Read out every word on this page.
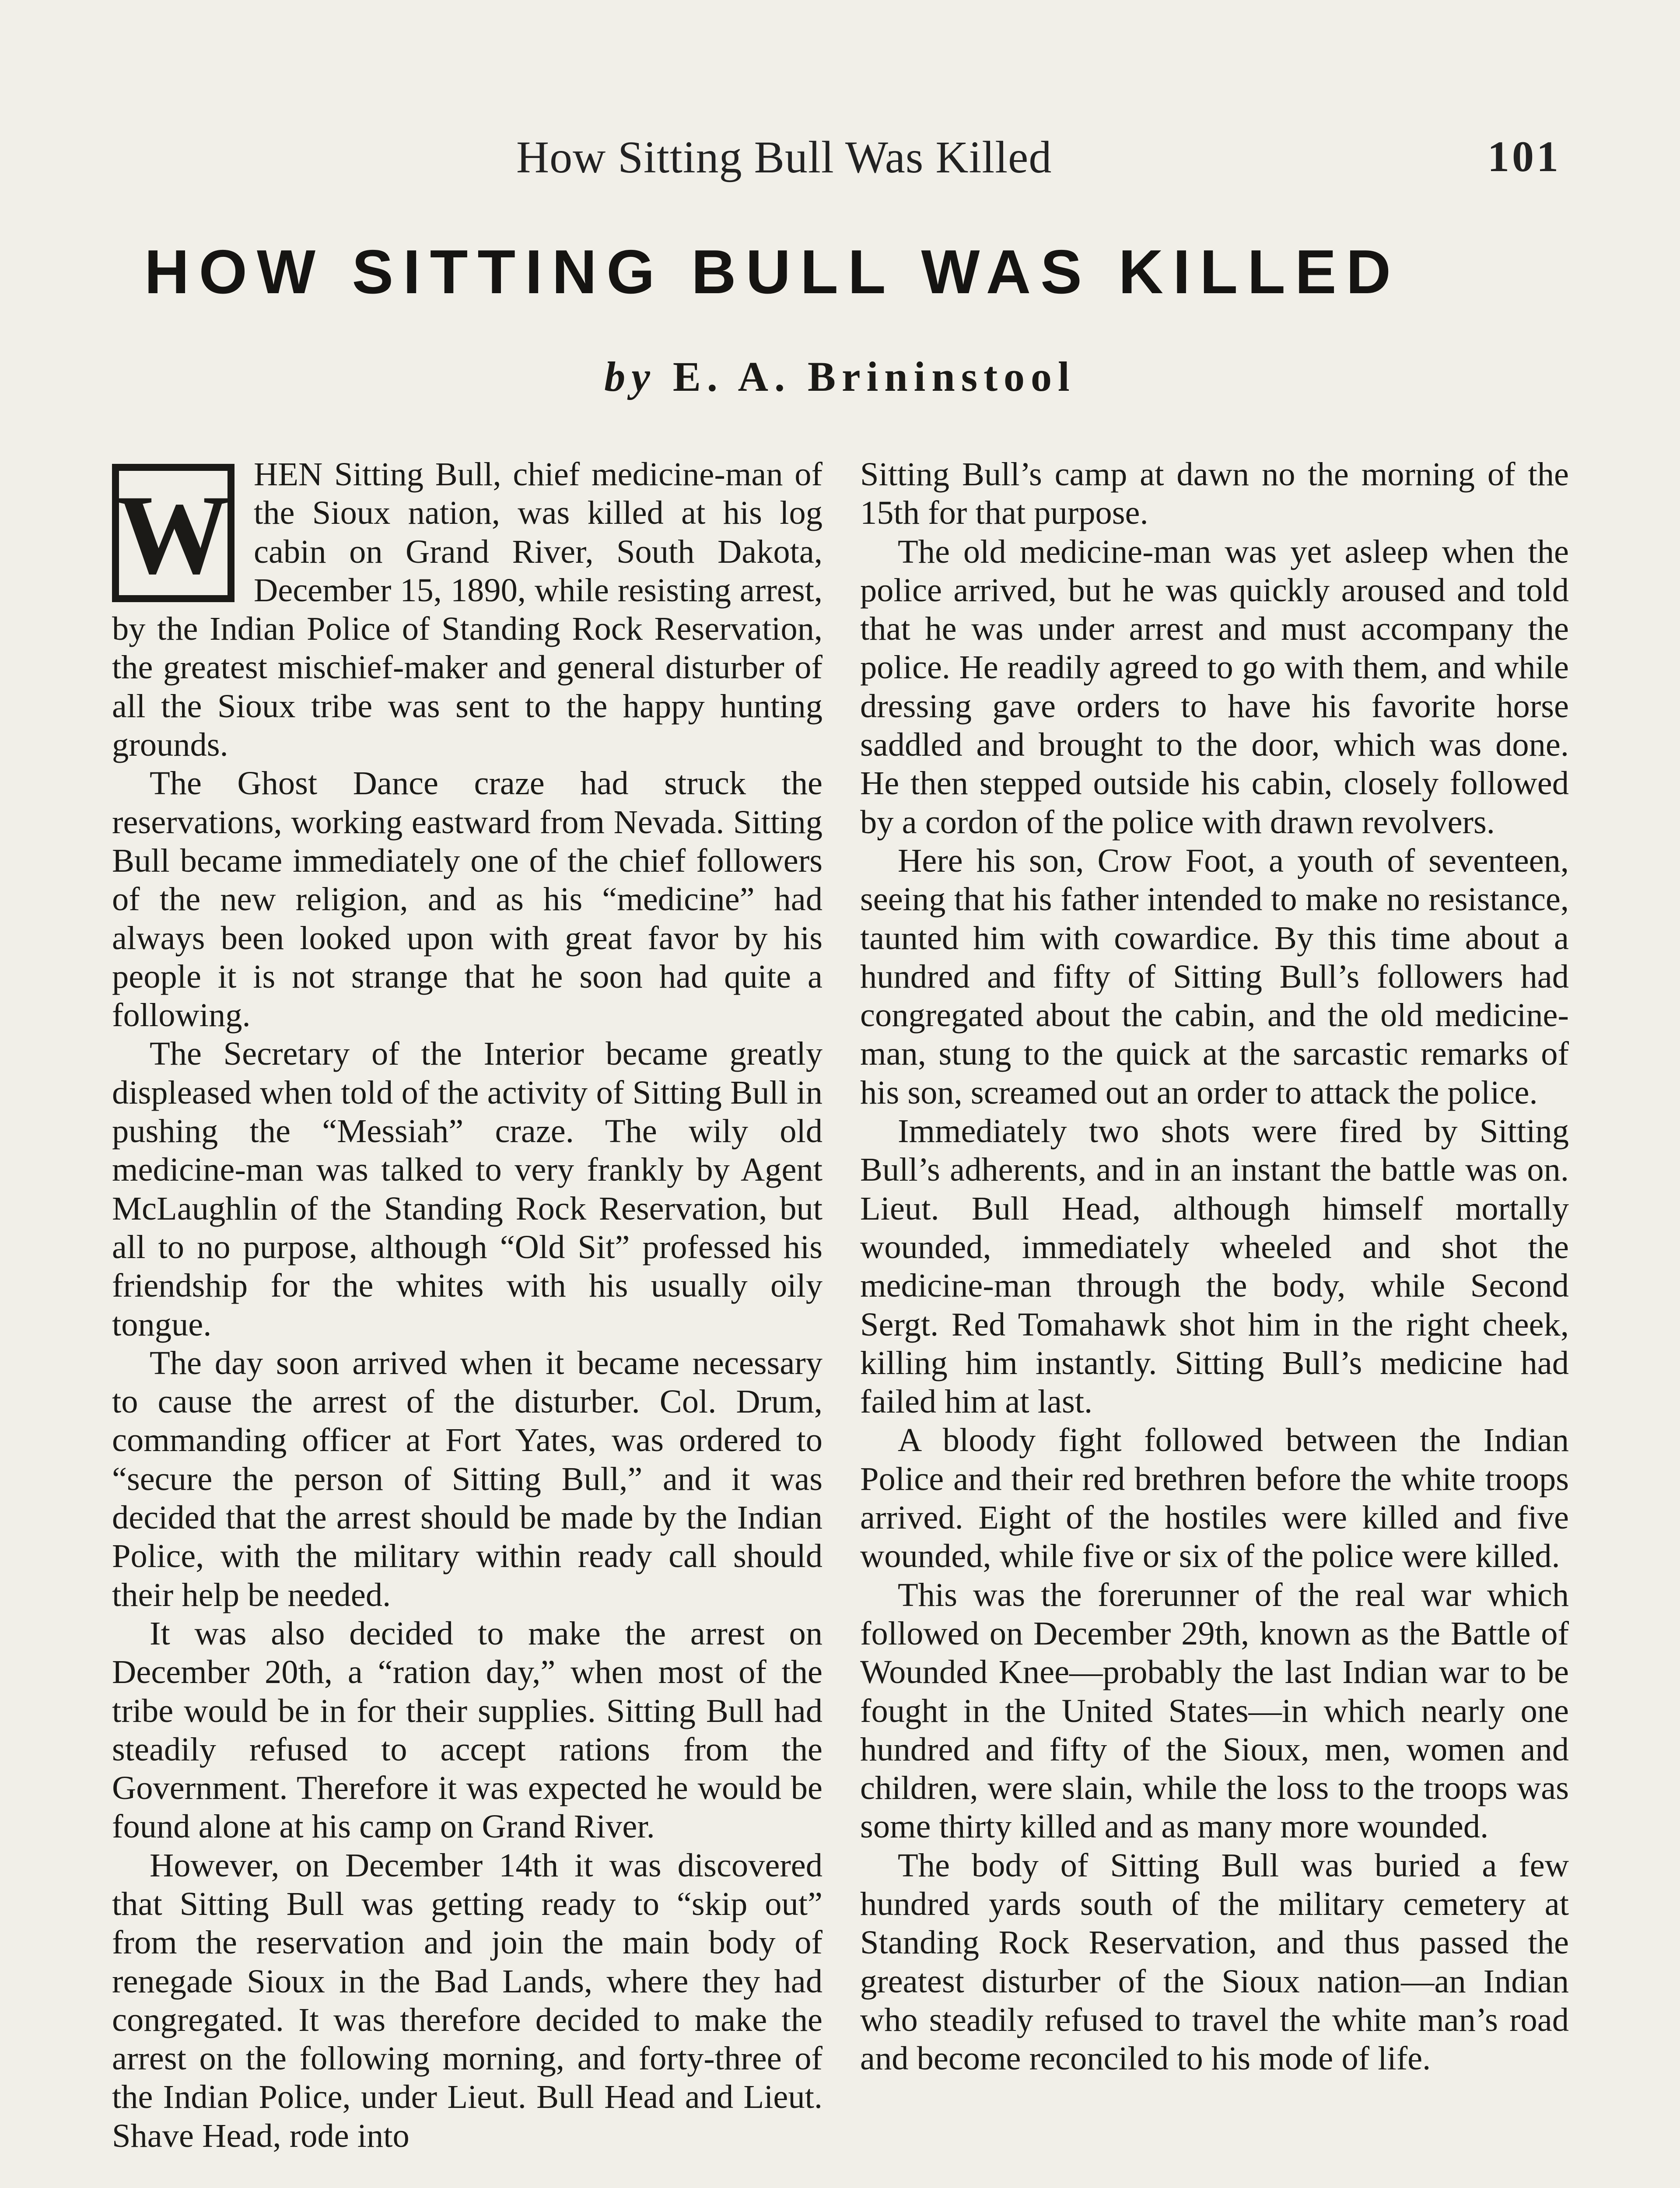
How Sitting Bull Was Killed	101
HOW SITTING BULL WAS KILLED
by E. A. Brininstool
W HEN Sitting Bull, chief medicine-man of the Sioux nation, was killed at his log cabin on Grand River, South Dakota, December 15, 1890, while resisting arrest, by the Indian Police of Standing Rock Reservation, the greatest mischief-maker and general disturber of all the Sioux tribe was sent to the happy hunting grounds.

The Ghost Dance craze had struck the reservations, working eastward from Nevada. Sitting Bull became immediately one of the chief followers of the new religion, and as his “medicine” had always been looked upon with great favor by his people it is not strange that he soon had quite a following.

The Secretary of the Interior became greatly displeased when told of the activity of Sitting Bull in pushing the “Messiah” craze. The wily old medicine-man was talked to very frankly by Agent McLaughlin of the Standing Rock Reservation, but all to no purpose, although “Old Sit” professed his friendship for the whites with his usually oily tongue.

The day soon arrived when it became necessary to cause the arrest of the disturber. Col. Drum, commanding officer at Fort Yates, was ordered to “secure the person of Sitting Bull,” and it was decided that the arrest should be made by the Indian Police, with the military within ready call should their help be needed.

It was also decided to make the arrest on December 20th, a “ration day,” when most of the tribe would be in for their supplies. Sitting Bull had steadily refused to accept rations from the Government. Therefore it was expected he would be found alone at his camp on Grand River.

However, on December 14th it was discovered that Sitting Bull was getting ready to “skip out” from the reservation and join the main body of renegade Sioux in the Bad Lands, where they had congregated. It was therefore decided to make the arrest on the following morning, and forty-three of the Indian Police, under Lieut. Bull Head and Lieut. Shave Head, rode into

Sitting Bull’s camp at dawn no the morning of the 15th for that purpose.

The old medicine-man was yet asleep when the police arrived, but he was quickly aroused and told that he was under arrest and must accompany the police. He readily agreed to go with them, and while dressing gave orders to have his favorite horse saddled and brought to the door, which was done. He then stepped outside his cabin, closely followed by a cordon of the police with drawn revolvers.

Here his son, Crow Foot, a youth of seventeen, seeing that his father intended to make no resistance, taunted him with cowardice. By this time about a hundred and fifty of Sitting Bull’s followers had congregated about the cabin, and the old medicine-man, stung to the quick at the sarcastic remarks of his son, screamed out an order to attack the police.

Immediately two shots were fired by Sitting Bull’s adherents, and in an instant the battle was on. Lieut. Bull Head, although himself mortally wounded, immediately wheeled and shot the medicine-man through the body, while Second Sergt. Red Tomahawk shot him in the right cheek, killing him instantly. Sitting Bull’s medicine had failed him at last.

A bloody fight followed between the Indian Police and their red brethren before the white troops arrived. Eight of the hostiles were killed and five wounded, while five or six of the police were killed.

This was the forerunner of the real war which followed on December 29th, known as the Battle of Wounded Knee—probably the last Indian war to be fought in the United States—in which nearly one hundred and fifty of the Sioux, men, women and children, were slain, while the loss to the troops was some thirty killed and as many more wounded.

The body of Sitting Bull was buried a few hundred yards south of the military cemetery at Standing Rock Reservation, and thus passed the greatest disturber of the Sioux nation—an Indian who steadily refused to travel the white man’s road and become reconciled to his mode of life.
